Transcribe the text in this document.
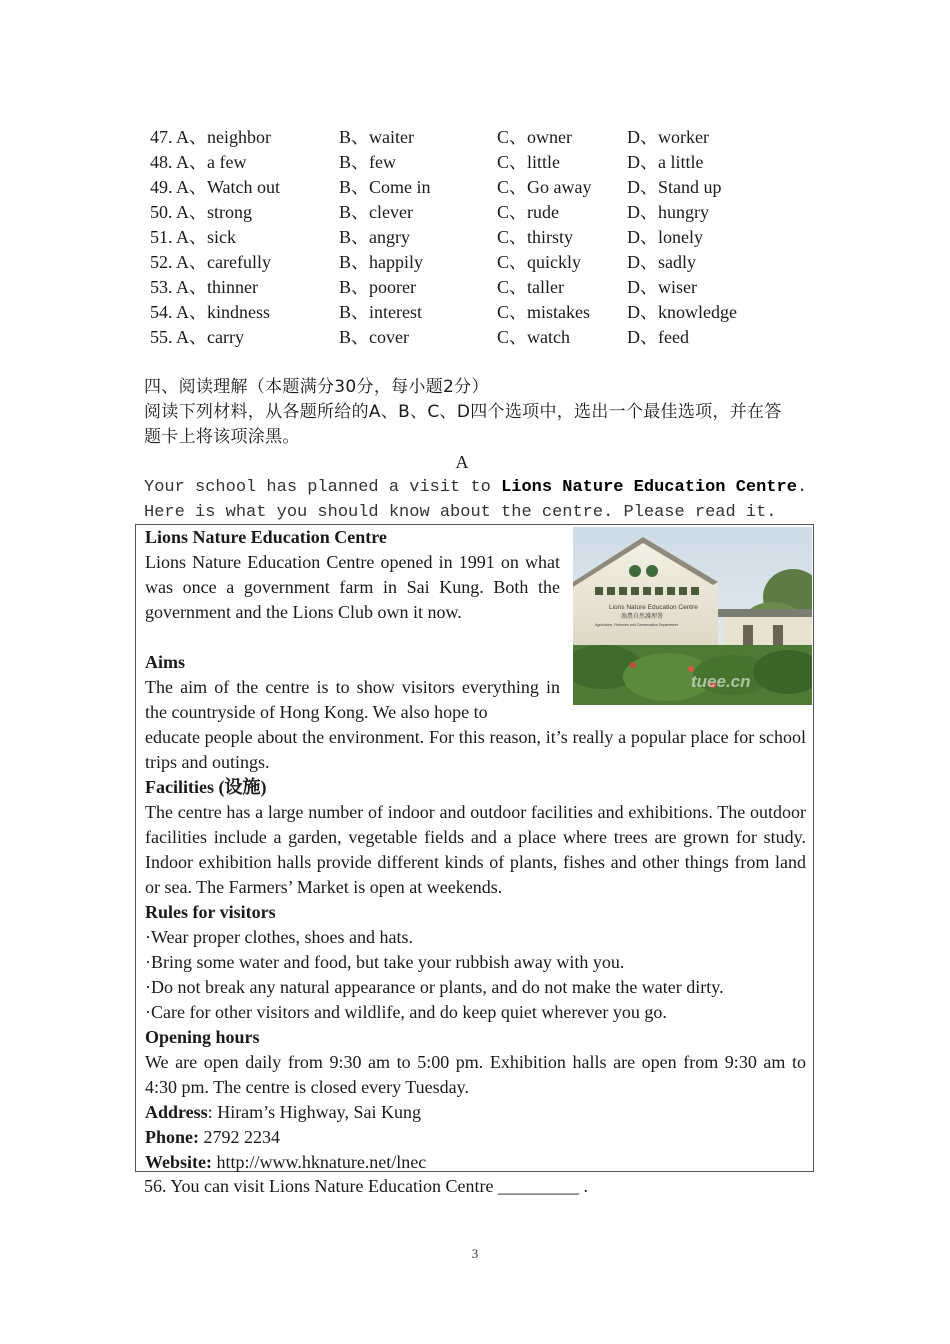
47. A、neighbor	B、waiter	C、owner	D、worker
48. A、a few	B、few	C、little	D、a little
49. A、Watch out	B、Come in	C、Go away D、Stand up
50. A、strong	B、clever	C、rude	D、hungry
51. A、sick	B、angry	C、thirsty	D、lonely
52. A、carefully	B、happily	C、quickly	D、sadly
53. A、thinner	B、poorer	C、taller	D、wiser
54. A、kindness	B、interest	C、mistakes D、knowledge
55. A、carry	B、cover	C、watch	D、feed
四、阅读理解（本题满分30分，每小题2分）
阅读下列材料，从各题所给的A、B、C、D四个选项中，选出一个最佳选项，并在答
题卡上将该项涂黑。
A
Your school has planned a visit to Lions Nature Education Centre.
Here is what you should know about the centre. Please read it.

Lions Nature Education Centre

Lions Nature Education Centre opened in 1991 on what was once a government farm in Sai Kung. Both the government and the Lions Club own it now.

Aims

The aim of the centre is to show visitors everything in the countryside of Hong Kong. We also hope to

educate people about the environment. For this reason, it’s really a popular place for school trips and outings.

Facilities (设施)

The centre has a large number of indoor and outdoor facilities and exhibitions. The outdoor facilities include a garden, vegetable fields and a place where trees are grown for study. Indoor exhibition halls provide different kinds of plants, fishes and other things from land or sea. The Farmers’ Market is open at weekends.

Rules for visitors

·Wear proper clothes, shoes and hats.

·Bring some water and food, but take your rubbish away with you.

·Do not break any natural appearance or plants, and do not make the water dirty.

·Care for other visitors and wildlife, and do keep quiet wherever you go.

Opening hours

We are open daily from 9:30 am to 5:00 pm. Exhibition halls are open from 9:30 am to 4:30 pm. The centre is closed every Tuesday.

Address: Hiram’s Highway, Sai Kung

Phone: 2792 2234

Website: http://www.hknature.net/lnec

Lions Nature Education Centre
漁農自然護理署
Agriculture, Fisheries and Conservation Department
tuee.cn
56. You can visit Lions Nature Education Centre _________ .
3
